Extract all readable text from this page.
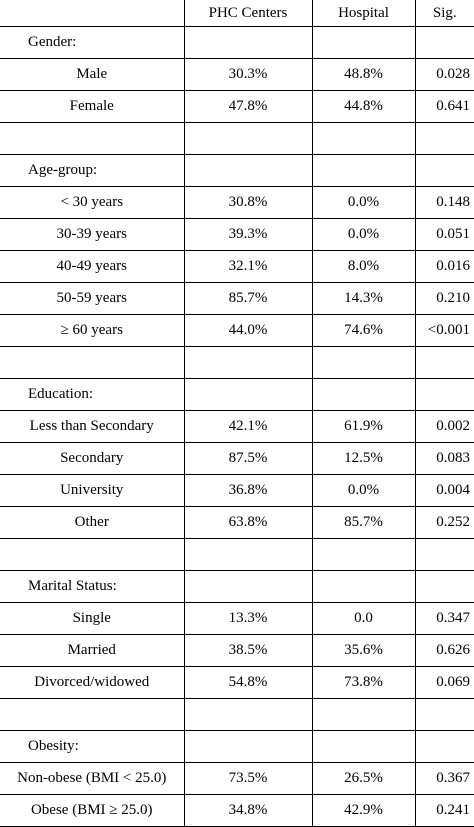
	PHC Centers	Hospital	Sig.
Gender:			
Male	30.3%	48.8%	0.028
Female	47.8%	44.8%	0.641

Age-group:			
< 30 years	30.8%	0.0%	0.148
30-39 years	39.3%	0.0%	0.051
40-49 years	32.1%	8.0%	0.016
50-59 years	85.7%	14.3%	0.210
≥ 60 years	44.0%	74.6%	<0.001

Education:			
Less than Secondary	42.1%	61.9%	0.002
Secondary	87.5%	12.5%	0.083
University	36.8%	0.0%	0.004
Other	63.8%	85.7%	0.252

Marital Status:			
Single	13.3%	0.0	0.347
Married	38.5%	35.6%	0.626
Divorced/widowed	54.8%	73.8%	0.069

Obesity:			
Non-obese (BMI < 25.0)	73.5%	26.5%	0.367
Obese (BMI ≥ 25.0)	34.8%	42.9%	0.241
